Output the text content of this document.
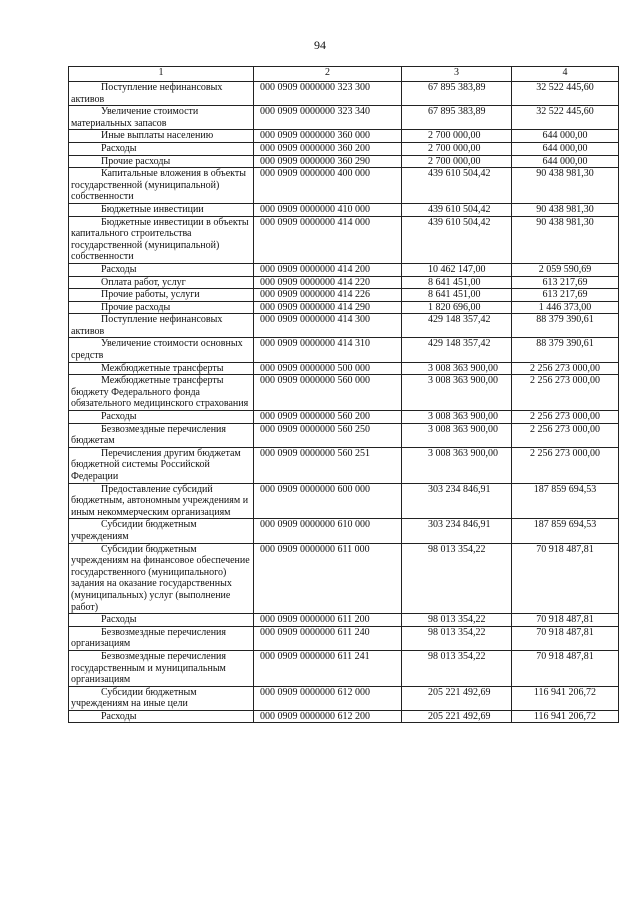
94
1	2	3	4
Поступление нефинансовых активов	000 0909 0000000 323 300	67 895 383,89	32 522 445,60
Увеличение стоимости материальных запасов	000 0909 0000000 323 340	67 895 383,89	32 522 445,60
Иные выплаты населению	000 0909 0000000 360 000	2 700 000,00	644 000,00
Расходы	000 0909 0000000 360 200	2 700 000,00	644 000,00
Прочие расходы	000 0909 0000000 360 290	2 700 000,00	644 000,00
Капитальные вложения в объекты государственной (муниципальной) собственности	000 0909 0000000 400 000	439 610 504,42	90 438 981,30
Бюджетные инвестиции	000 0909 0000000 410 000	439 610 504,42	90 438 981,30
Бюджетные инвестиции в объекты капитального строительства государственной (муниципальной) собственности	000 0909 0000000 414 000	439 610 504,42	90 438 981,30
Расходы	000 0909 0000000 414 200	10 462 147,00	2 059 590,69
Оплата работ, услуг	000 0909 0000000 414 220	8 641 451,00	613 217,69
Прочие работы, услуги	000 0909 0000000 414 226	8 641 451,00	613 217,69
Прочие расходы	000 0909 0000000 414 290	1 820 696,00	1 446 373,00
Поступление нефинансовых активов	000 0909 0000000 414 300	429 148 357,42	88 379 390,61
Увеличение стоимости основных средств	000 0909 0000000 414 310	429 148 357,42	88 379 390,61
Межбюджетные трансферты	000 0909 0000000 500 000	3 008 363 900,00	2 256 273 000,00
Межбюджетные трансферты бюджету Федерального фонда обязательного медицинского страхования	000 0909 0000000 560 000	3 008 363 900,00	2 256 273 000,00
Расходы	000 0909 0000000 560 200	3 008 363 900,00	2 256 273 000,00
Безвозмездные перечисления бюджетам	000 0909 0000000 560 250	3 008 363 900,00	2 256 273 000,00
Перечисления другим бюджетам бюджетной системы Российской Федерации	000 0909 0000000 560 251	3 008 363 900,00	2 256 273 000,00
Предоставление субсидий бюджетным, автономным учреждениям и иным некоммерческим организациям	000 0909 0000000 600 000	303 234 846,91	187 859 694,53
Субсидии бюджетным учреждениям	000 0909 0000000 610 000	303 234 846,91	187 859 694,53
Субсидии бюджетным учреждениям на финансовое обеспечение государственного (муниципального) задания на оказание государственных (муниципальных) услуг (выполнение работ)	000 0909 0000000 611 000	98 013 354,22	70 918 487,81
Расходы	000 0909 0000000 611 200	98 013 354,22	70 918 487,81
Безвозмездные перечисления организациям	000 0909 0000000 611 240	98 013 354,22	70 918 487,81
Безвозмездные перечисления государственным и муниципальным организациям	000 0909 0000000 611 241	98 013 354,22	70 918 487,81
Субсидии бюджетным учреждениям на иные цели	000 0909 0000000 612 000	205 221 492,69	116 941 206,72
Расходы	000 0909 0000000 612 200	205 221 492,69	116 941 206,72
